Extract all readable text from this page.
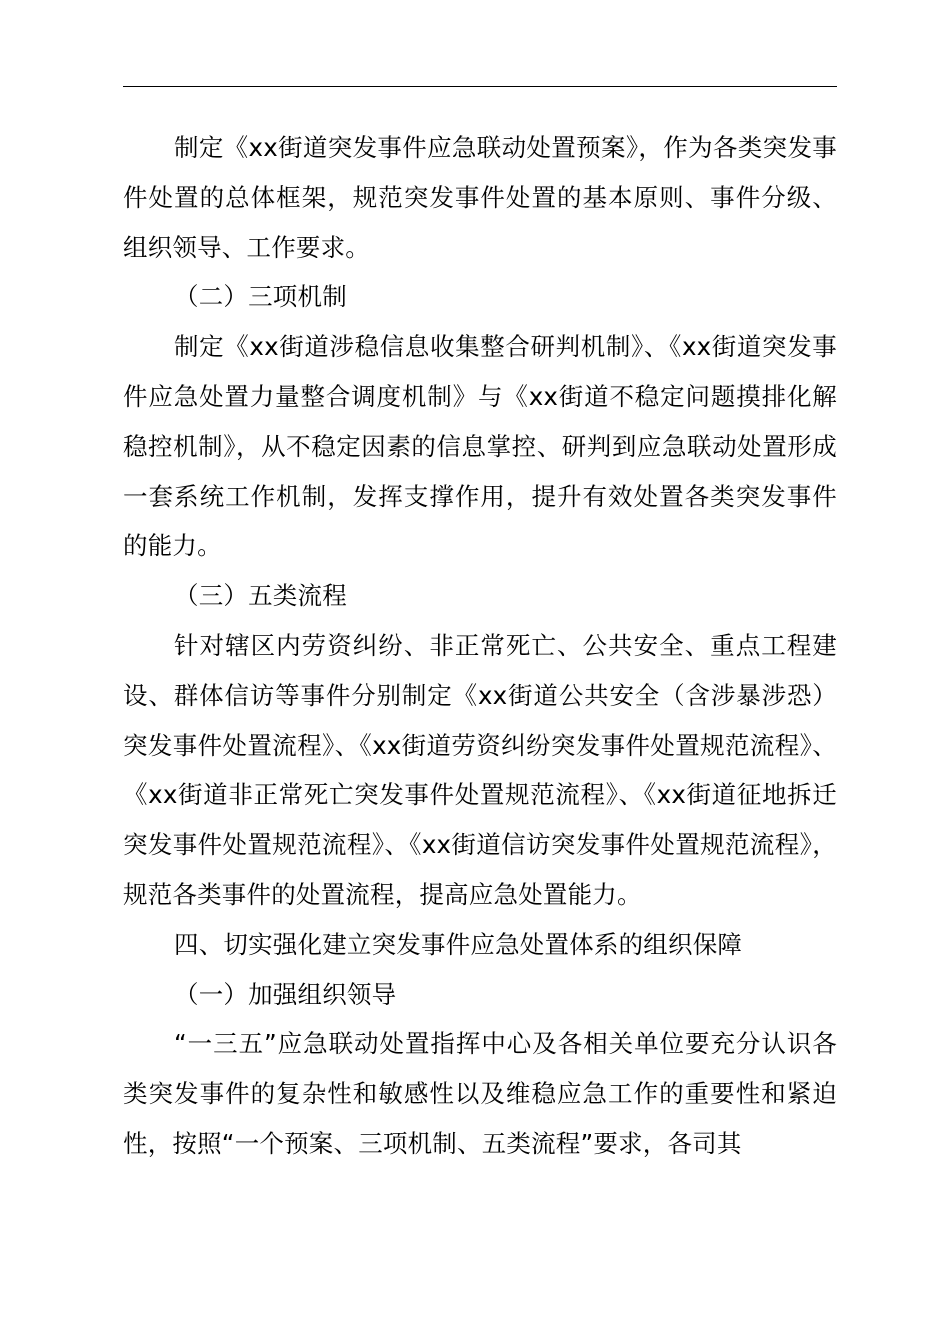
制定《xx街道突发事件应急联动处置预案》，作为各类突发事件处置的总体框架，规范突发事件处置的基本原则、事件分级、组织领导、工作要求。

（二）三项机制

制定《xx街道涉稳信息收集整合研判机制》、《xx街道突发事件应急处置力量整合调度机制》与《xx街道不稳定问题摸排化解稳控机制》，从不稳定因素的信息掌控、研判到应急联动处置形成一套系统工作机制，发挥支撑作用，提升有效处置各类突发事件的能力。

（三）五类流程

针对辖区内劳资纠纷、非正常死亡、公共安全、重点工程建设、群体信访等事件分别制定《xx街道公共安全（含涉暴涉恐）突发事件处置流程》、《xx街道劳资纠纷突发事件处置规范流程》、《xx街道非正常死亡突发事件处置规范流程》、《xx街道征地拆迁突发事件处置规范流程》、《xx街道信访突发事件处置规范流程》，规范各类事件的处置流程，提高应急处置能力。

四、切实强化建立突发事件应急处置体系的组织保障

（一）加强组织领导

“一三五”应急联动处置指挥中心及各相关单位要充分认识各类突发事件的复杂性和敏感性以及维稳应急工作的重要性和紧迫性，按照“一个预案、三项机制、五类流程”要求，各司其
